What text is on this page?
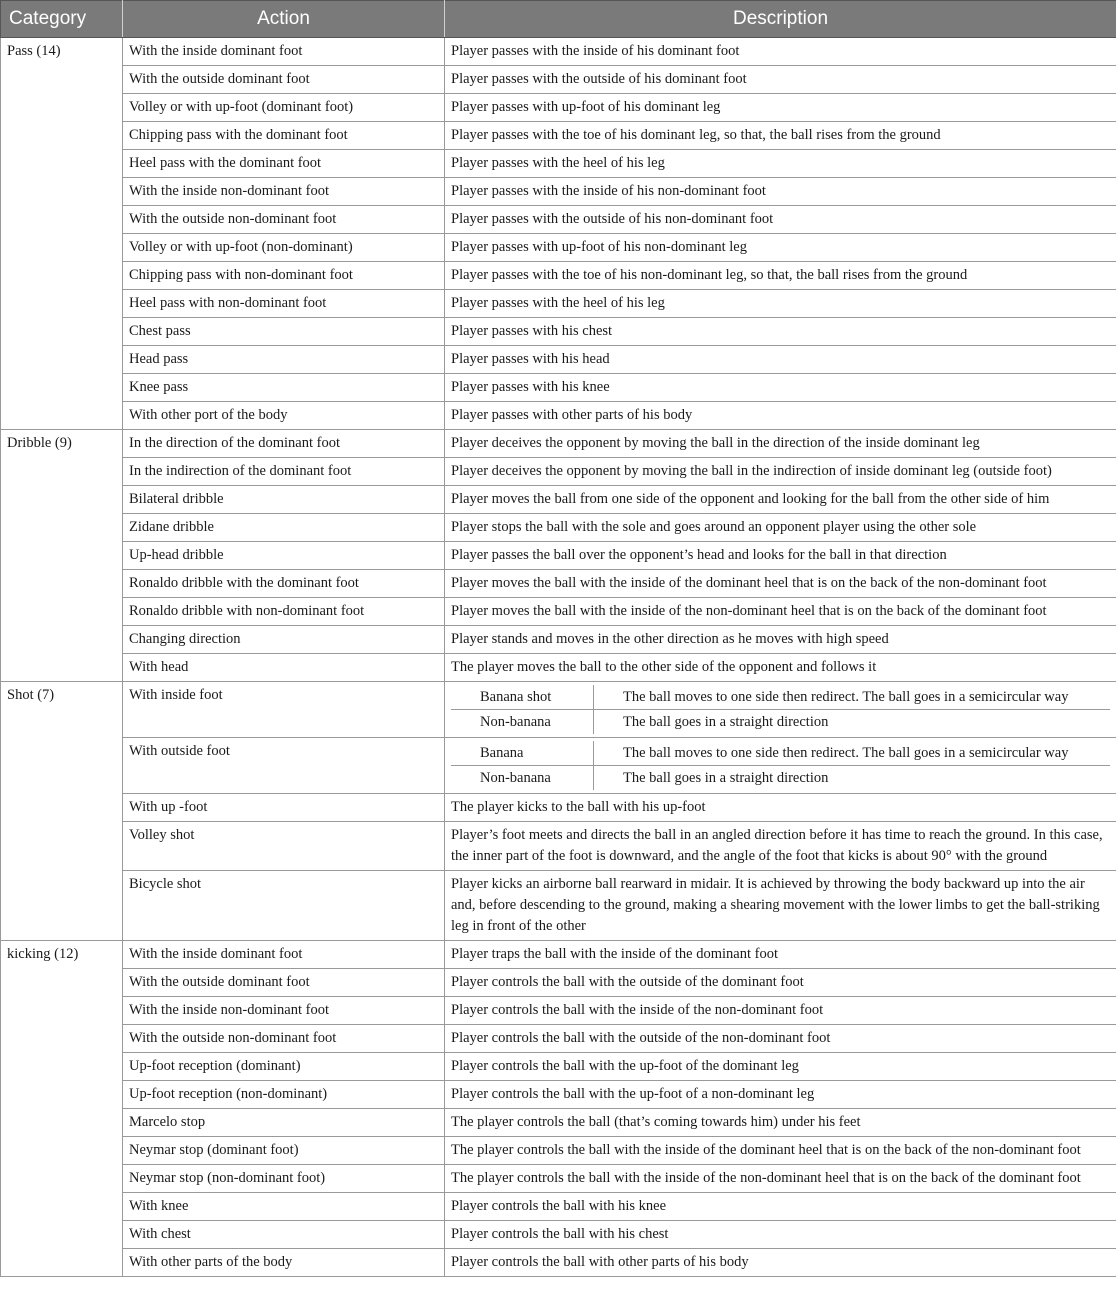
Category	Action	Description
Pass (14)	With the inside dominant foot	Player passes with the inside of his dominant foot
With the outside dominant foot	Player passes with the outside of his dominant foot
Volley or with up-foot (dominant foot)	Player passes with up-foot of his dominant leg
Chipping pass with the dominant foot	Player passes with the toe of his dominant leg, so that, the ball rises from the ground
Heel pass with the dominant foot	Player passes with the heel of his leg
With the inside non-dominant foot	Player passes with the inside of his non-dominant foot
With the outside non-dominant foot	Player passes with the outside of his non-dominant foot
Volley or with up-foot (non-dominant)	Player passes with up-foot of his non-dominant leg
Chipping pass with non-dominant foot	Player passes with the toe of his non-dominant leg, so that, the ball rises from the ground
Heel pass with non-dominant foot	Player passes with the heel of his leg
Chest pass	Player passes with his chest
Head pass	Player passes with his head
Knee pass	Player passes with his knee
With other port of the body	Player passes with other parts of his body
Dribble (9)	In the direction of the dominant foot	Player deceives the opponent by moving the ball in the direction of the inside dominant leg
In the indirection of the dominant foot	Player deceives the opponent by moving the ball in the indirection of inside dominant leg (outside foot)
Bilateral dribble	Player moves the ball from one side of the opponent and looking for the ball from the other side of him
Zidane dribble	Player stops the ball with the sole and goes around an opponent player using the other sole
Up-head dribble	Player passes the ball over the opponent’s head and looks for the ball in that direction
Ronaldo dribble with the dominant foot	Player moves the ball with the inside of the dominant heel that is on the back of the non-dominant foot
Ronaldo dribble with non-dominant foot	Player moves the ball with the inside of the non-dominant heel that is on the back of the dominant foot
Changing direction	Player stands and moves in the other direction as he moves with high speed
With head	The player moves the ball to the other side of the opponent and follows it
Shot (7)	With inside foot		Banana shot	The ball moves to one side then redirect. The ball goes in a semicircular way
Non-banana	The ball goes in a straight direction

With outside foot		Banana	The ball moves to one side then redirect. The ball goes in a semicircular way
Non-banana	The ball goes in a straight direction

With up -foot	The player kicks to the ball with his up-foot
Volley shot	Player’s foot meets and directs the ball in an angled direction before it has time to reach the ground. In this case, the inner part of the foot is downward, and the angle of the foot that kicks is about 90° with the ground
Bicycle shot	Player kicks an airborne ball rearward in midair. It is achieved by throwing the body backward up into the air and, before descending to the ground, making a shearing movement with the lower limbs to get the ball-striking leg in front of the other
kicking (12)	With the inside dominant foot	Player traps the ball with the inside of the dominant foot
With the outside dominant foot	Player controls the ball with the outside of the dominant foot
With the inside non-dominant foot	Player controls the ball with the inside of the non-dominant foot
With the outside non-dominant foot	Player controls the ball with the outside of the non-dominant foot
Up-foot reception (dominant)	Player controls the ball with the up-foot of the dominant leg
Up-foot reception (non-dominant)	Player controls the ball with the up-foot of a non-dominant leg
Marcelo stop	The player controls the ball (that’s coming towards him) under his feet
Neymar stop (dominant foot)	The player controls the ball with the inside of the dominant heel that is on the back of the non-dominant foot
Neymar stop (non-dominant foot)	The player controls the ball with the inside of the non-dominant heel that is on the back of the dominant foot
With knee	Player controls the ball with his knee
With chest	Player controls the ball with his chest
With other parts of the body	Player controls the ball with other parts of his body
